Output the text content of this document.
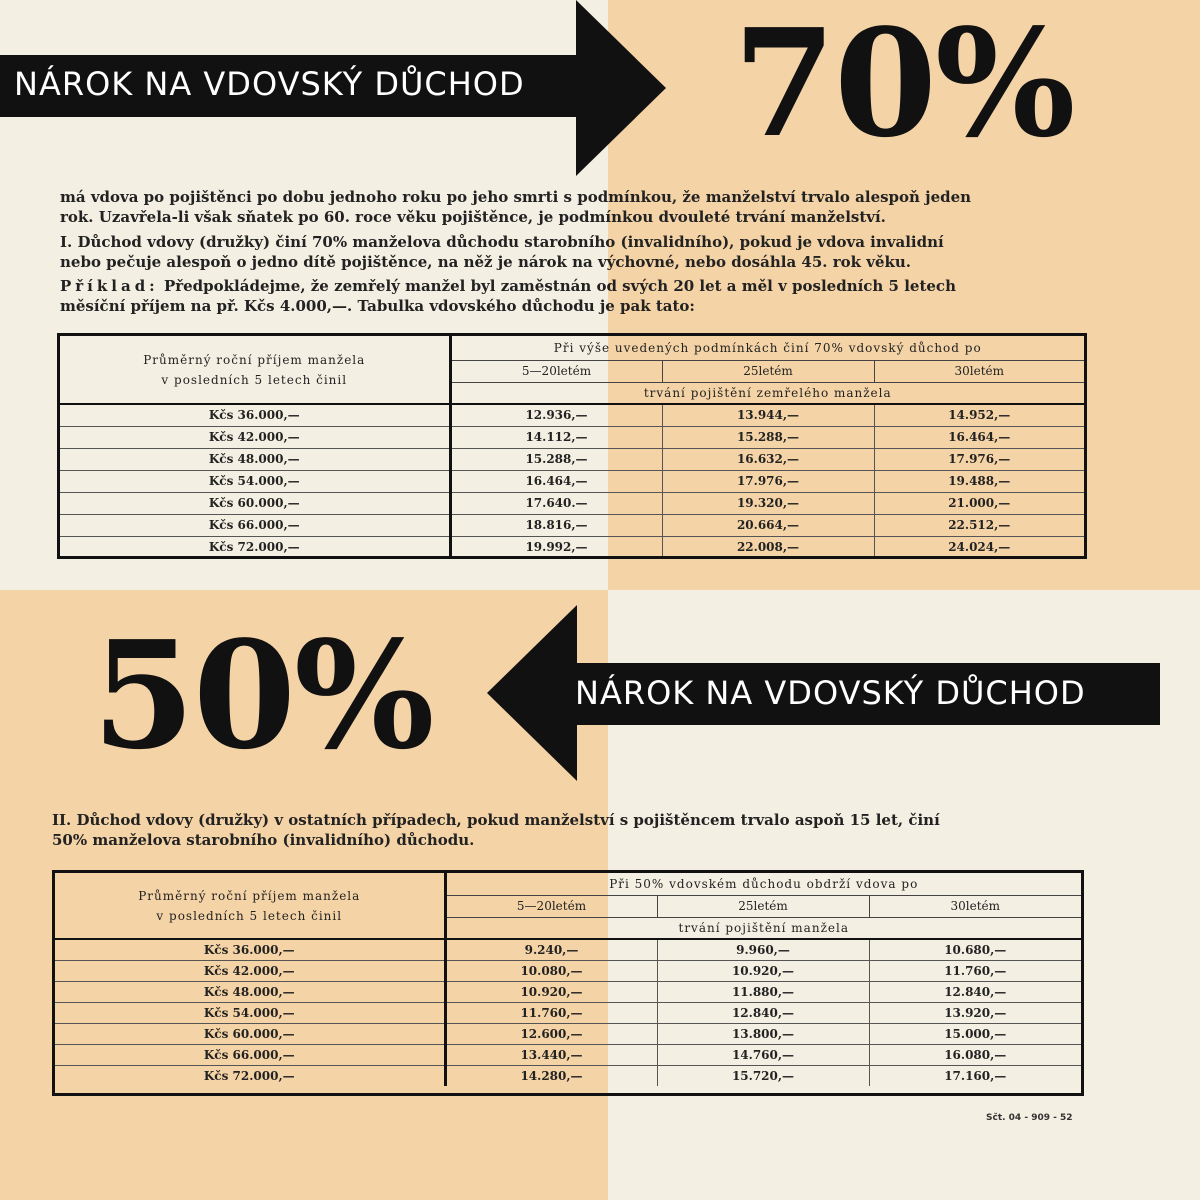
NÁROK NA VDOVSKÝ DŮCHOD 70%

má vdova po pojištěnci po dobu jednoho roku po jeho smrti s podmínkou, že manželství trvalo alespoň jeden

rok. Uzavřela-li však sňatek po 60. roce věku pojištěnce, je podmínkou dvouleté trvání manželství.

I. Důchod vdovy (družky) činí 70% manželova důchodu starobního (invalidního), pokud je vdova invalidní

nebo pečuje alespoň o jedno dítě pojištěnce, na něž je nárok na výchovné, nebo dosáhla 45. rok věku.

Příklad: Předpokládejme, že zemřelý manžel byl zaměstnán od svých 20 let a měl v posledních 5 letech

měsíční příjem na př. Kčs 4.000,—. Tabulka vdovského důchodu je pak tato:

Průměrný roční příjem manžela
v posledních 5 letech činil	Při výše uvedených podmínkách činí 70% vdovský důchod po		
	5—20letém	25letém	30letém
	trvání pojištění zemřelého manžela		
Kčs 36.000,—	12.936,—	13.944,—	14.952,—
Kčs 42.000,—	14.112,—	15.288,—	16.464,—
Kčs 48.000,—	15.288,—	16.632,—	17.976,—
Kčs 54.000,—	16.464,—	17.976,—	19.488,—
Kčs 60.000,—	17.640.—	19.320,—	21.000,—
Kčs 66.000,—	18.816,—	20.664,—	22.512,—
Kčs 72.000,—	19.992,—	22.008,—	24.024,—
50%	NÁROK NA VDOVSKÝ DŮCHOD

II. Důchod vdovy (družky) v ostatních případech, pokud manželství s pojištěncem trvalo aspoň 15 let, činí

50% manželova starobního (invalidního) důchodu.

Průměrný roční příjem manžela
v posledních 5 letech činil	Při 50% vdovském důchodu obdrží vdova po		
	5—20letém	25letém	30letém
	trvání pojištění manžela		
Kčs 36.000,—	9.240,—	9.960,—	10.680,—
Kčs 42.000,—	10.080,—	10.920,—	11.760,—
Kčs 48.000,—	10.920,—	11.880,—	12.840,—
Kčs 54.000,—	11.760,—	12.840,—	13.920,—
Kčs 60.000,—	12.600,—	13.800,—	15.000,—
Kčs 66.000,—	13.440,—	14.760,—	16.080,—
Kčs 72.000,—	14.280,—	15.720,—	17.160,—
Sčt. 04 - 909 - 52
